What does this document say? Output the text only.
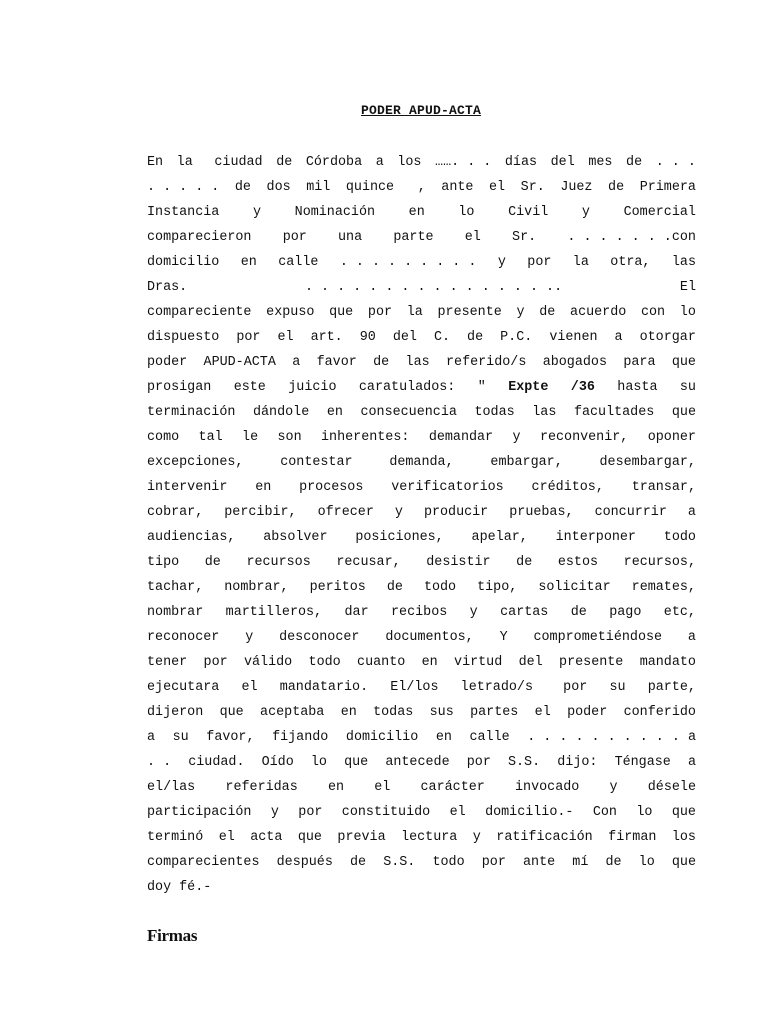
PODER APUD-ACTA
En la ciudad de Córdoba a los ……. . . días del mes de . . .
. . . . . de dos mil quince , ante el Sr. Juez de Primera
Instancia	y	Nominación	en	lo	Civil	y	Comercial
comparecieron por una parte el Sr. . . . . . . .con
domicilio en calle . . . . . . . . . y por la otra, las
Dras.	. . . . . . . . . . . . . . . ..	El
compareciente expuso que por la presente y de acuerdo con lo
dispuesto por el art. 90 del C. de P.C. vienen a otorgar
poder APUD-ACTA a favor de las referido/s abogados para que
prosigan este juicio caratulados: " Expte /36 hasta su
terminación dándole en consecuencia todas las facultades que
como tal le son inherentes: demandar y reconvenir, oponer
excepciones,	contestar	demanda,	embargar,	desembargar,
intervenir en procesos verificatorios créditos, transar,
cobrar, percibir, ofrecer y producir pruebas, concurrir a
audiencias, absolver posiciones, apelar, interponer todo
tipo de recursos recusar, desistir de estos recursos,
tachar, nombrar, peritos de todo tipo, solicitar remates,
nombrar martilleros, dar recibos y cartas de pago etc,
reconocer y desconocer documentos, Y comprometiéndose a
tener por válido todo cuanto en virtud del presente mandato
ejecutara el mandatario. El/los letrado/s por su parte,
dijeron que aceptaba en todas sus partes el poder conferido
a su favor, fijando domicilio en calle . . . . . . . . . . a
. . ciudad. Oído lo que antecede por S.S. dijo: Téngase a
el/las referidas en el carácter invocado y désele
participación y por constituido el domicilio.- Con lo que
terminó el acta que previa lectura y ratificación firman los
comparecientes después de S.S. todo por ante mí de lo que
doy fé.-
Firmas
